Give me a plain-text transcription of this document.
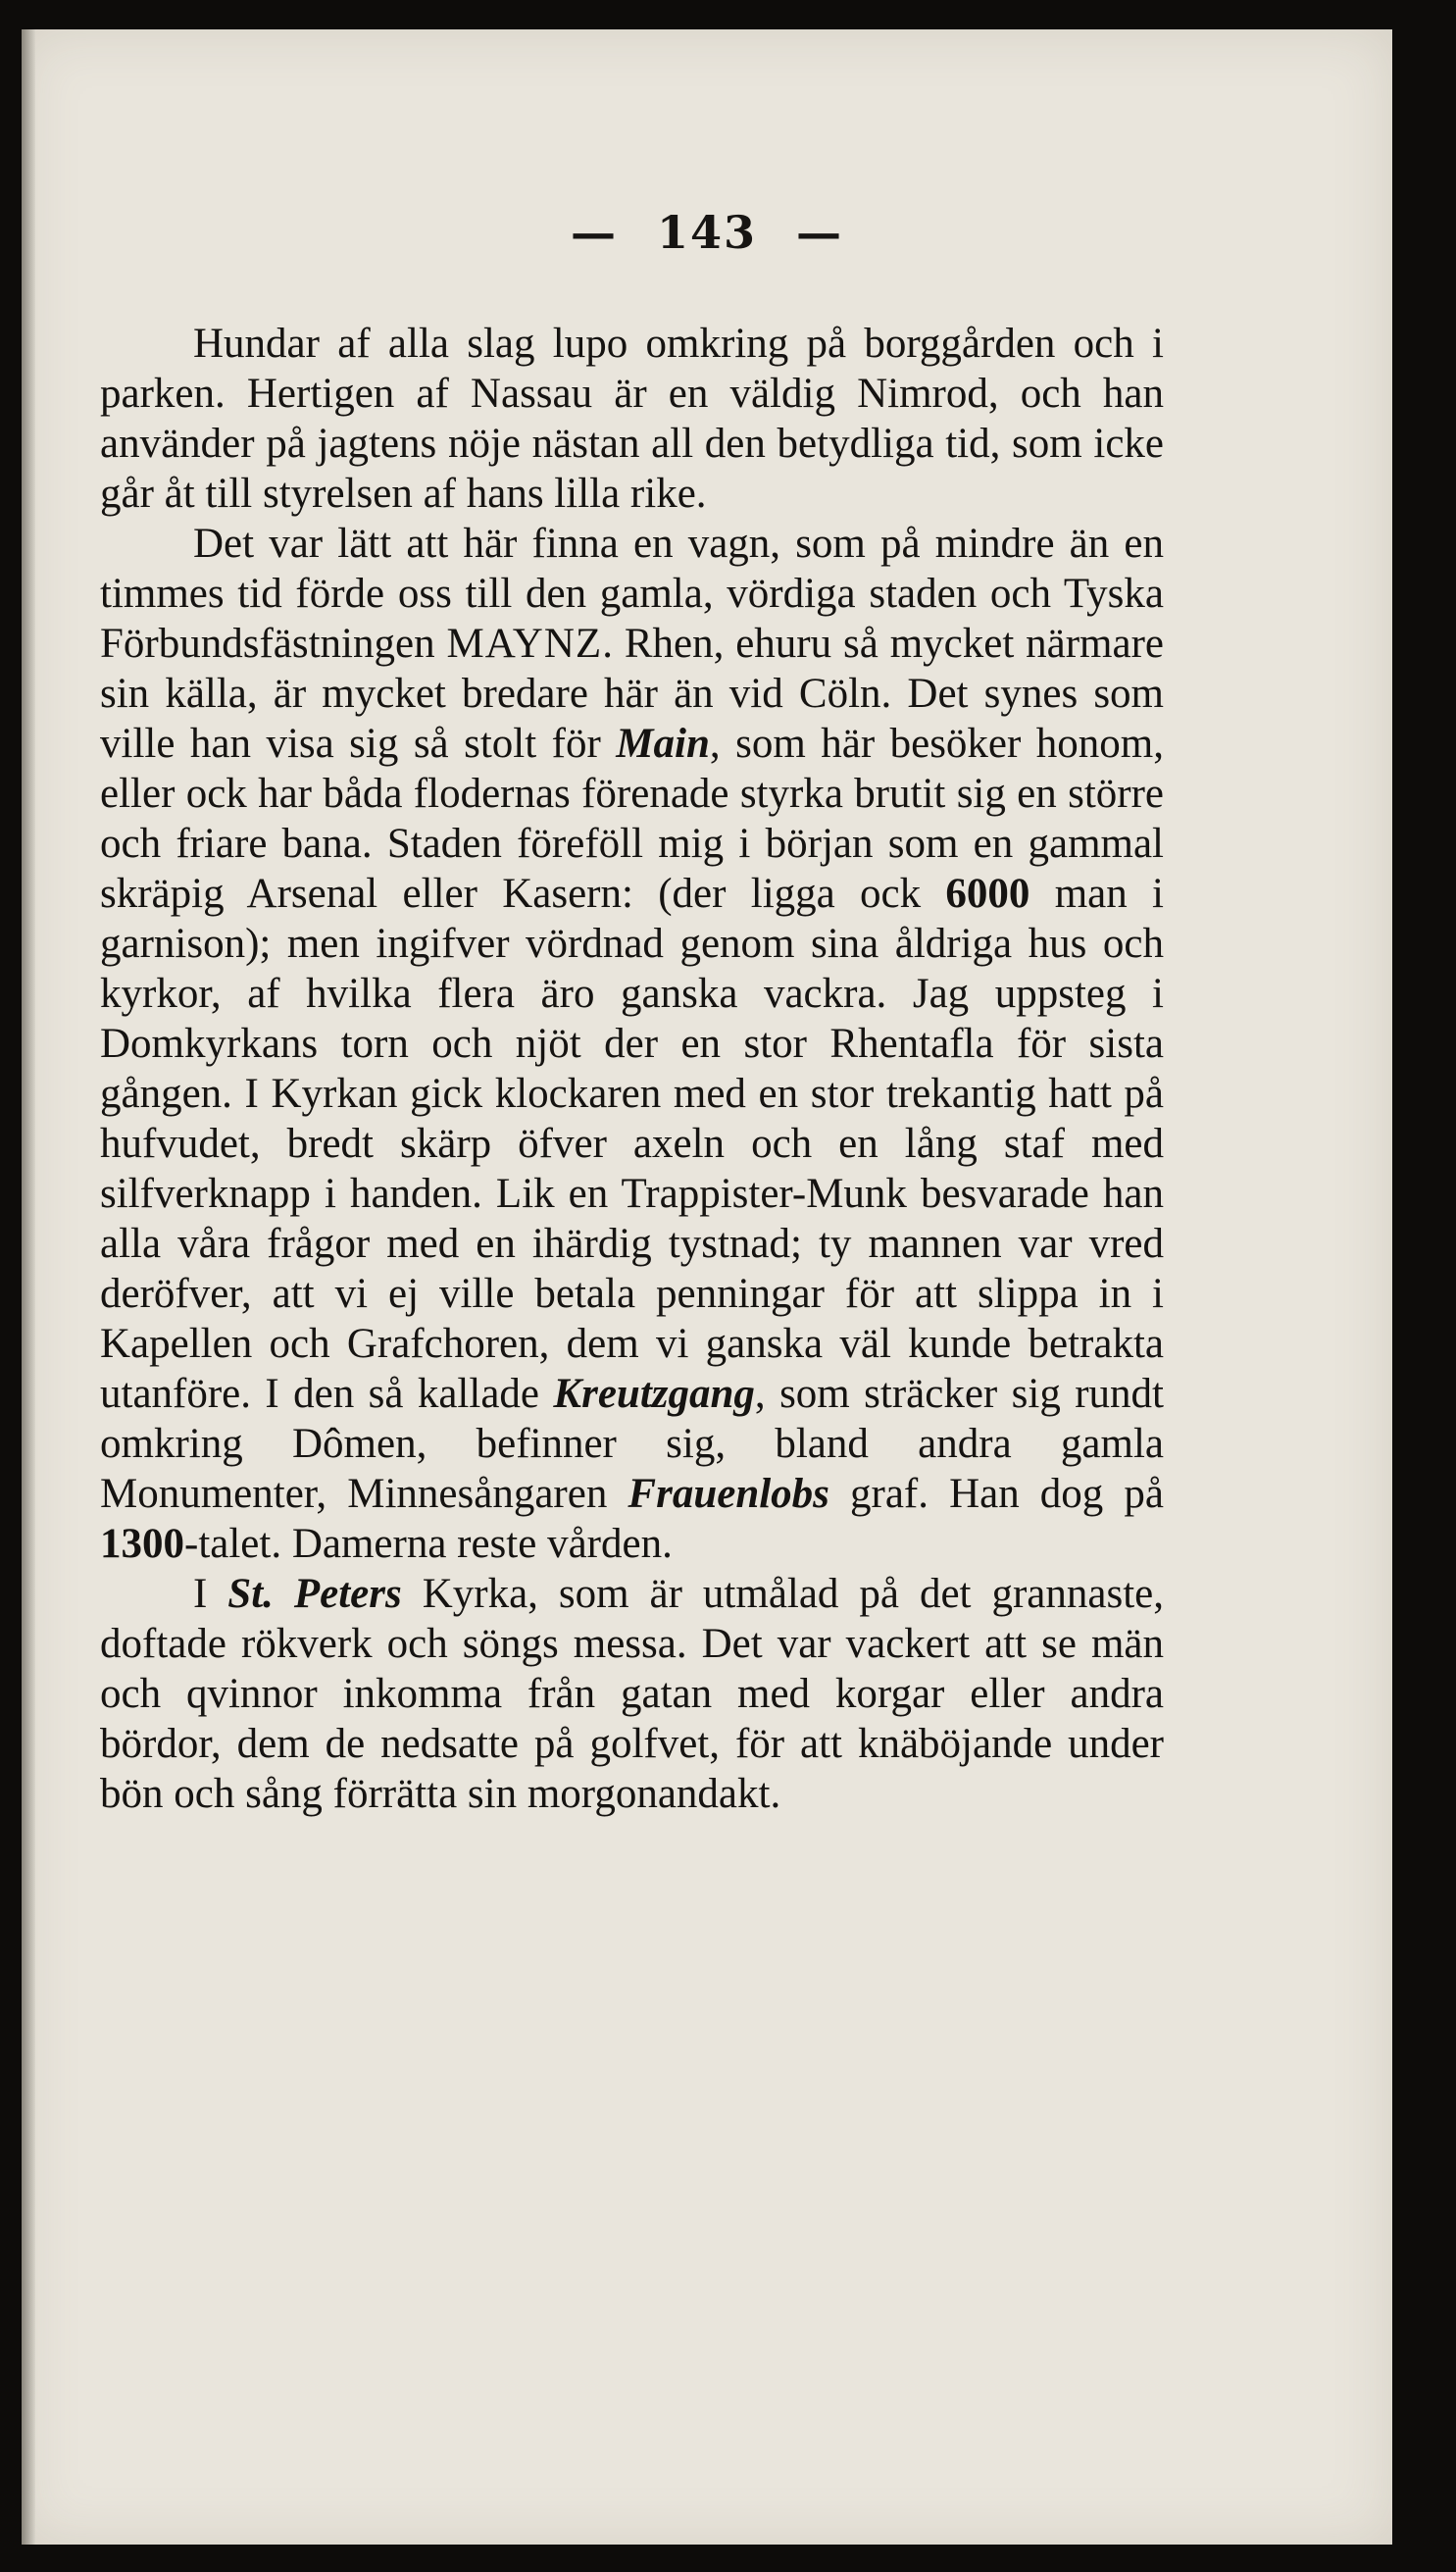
— 143 —

Hundar af alla slag lupo omkring på borggården och i parken. Hertigen af Nassau är en väldig Nimrod, och han använder på jagtens nöje nästan all den betydliga tid, som icke går åt till styrelsen af hans lilla rike.

Det var lätt att här finna en vagn, som på mindre än en timmes tid förde oss till den gamla, vördiga staden och Tyska Förbundsfästningen MAYNZ. Rhen, ehuru så mycket närmare sin källa, är mycket bredare här än vid Cöln. Det synes som ville han visa sig så stolt för Main, som här besöker honom, eller ock har båda flodernas förenade styrka brutit sig en större och friare bana. Staden föreföll mig i början som en gammal skräpig Arsenal eller Kasern: (der ligga ock 6000 man i garnison); men ingifver vördnad genom sina åldriga hus och kyrkor, af hvilka flera äro ganska vackra. Jag uppsteg i Domkyrkans torn och njöt der en stor Rhentafla för sista gången. I Kyrkan gick klockaren med en stor trekantig hatt på hufvudet, bredt skärp öfver axeln och en lång staf med silfverknapp i handen. Lik en Trappister-Munk besvarade han alla våra frågor med en ihärdig tystnad; ty mannen var vred deröfver, att vi ej ville betala penningar för att slippa in i Kapellen och Grafchoren, dem vi ganska väl kunde betrakta utanföre. I den så kallade Kreutzgang, som sträcker sig rundt omkring Dômen, befinner sig, bland andra gamla Monumenter, Minnesångaren Frauenlobs graf. Han dog på 1300-talet. Damerna reste vården.

I St. Peters Kyrka, som är utmålad på det grannaste, doftade rökverk och söngs messa. Det var vackert att se män och qvinnor inkomma från gatan med korgar eller andra bördor, dem de nedsatte på golfvet, för att knäböjande under bön och sång förrätta sin morgonandakt.
